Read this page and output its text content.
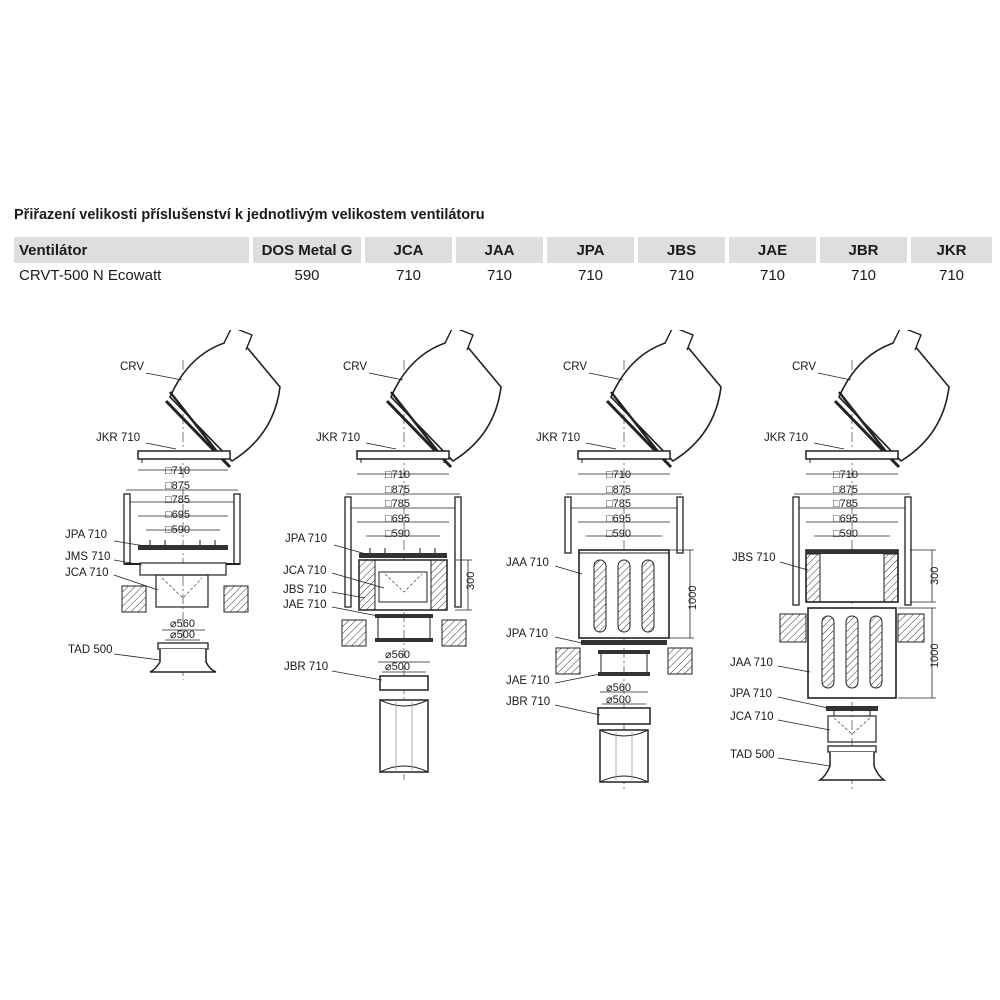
Přiřazení velikosti příslušenství k jednotlivým velikostem ventilátoru
Ventilátor	DOS Metal G	JCA	JAA	JPA	JBS	JAE	JBR	JKR
CRVT-500 N Ecowatt	590	710	710	710	710	710	710	710
CRV
JKR 710
JPA 710
JMS 710
JCA 710
TAD 500
□710
□875
□785
□695
□590
⌀560
⌀500
CRV
JKR 710
JPA 710
JCA 710
JBS 710
JAE 710
JBR 710
□710
□875
□785
□695
□590
300
⌀560
⌀500
CRV
JKR 710
JAA 710
JPA 710
JAE 710
JBR 710
□710
□875
□785
□695
□590
1000
⌀560
⌀500
CRV
JKR 710
JBS 710
JAA 710
JPA 710
JCA 710
TAD 500
□710
□875
□785
□695
□590
300
1000
